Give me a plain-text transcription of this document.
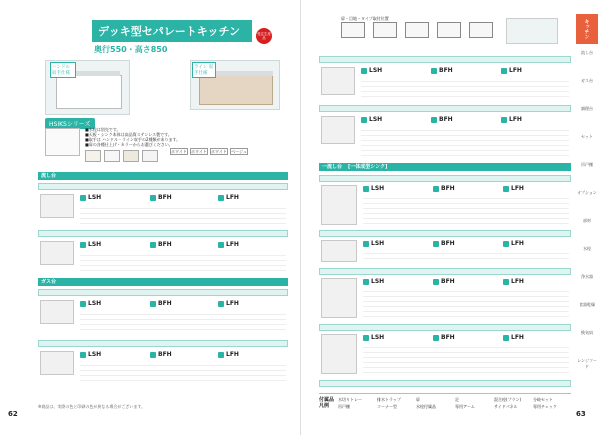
デッキ型セパレートキッチン
奥行550・高さ850
受注生産品
ハンドル 収手仕様
ライン 収手仕様
HSIKSシリーズ
■水栓は別売です。
■天板・シンク本体は高品質ステンレス製です。
■取手は ハンドル・ライン収手の2種類があります。
■扉の各種仕上げ・カラーからお選びください。
ホワイト ホワイト ホワイト ベージュ
流し台
LSH	BFH	LFH
LSH	BFH	LFH
ガス台
LSH	BFH	LFH
LSH	BFH	LFH
※商品は、実際の色と印刷の色が異なる場合がございます。
62
扉・目地・タイプ取付位置
LSH	BFH	LFH
LSH	BFH	LFH
一流し台 [一体成型シンク]
LSH	BFH	LFH
LSH	BFH	LFH
LSH	BFH	LFH
LSH	BFH	LFH
付属品 凡例
水切りトレー	排水トラップ	扉	足	混合栓(プラン)	分岐セット
吊戸棚	コーナー型	水栓付属品	専用アーム	サイドパネル	専用チェック
63
キッチン
流し台
ガス台
調理台
セット
吊戸棚
オプション
部材
水栓
浄水器
食器乾燥
換気扇
レンジフード
